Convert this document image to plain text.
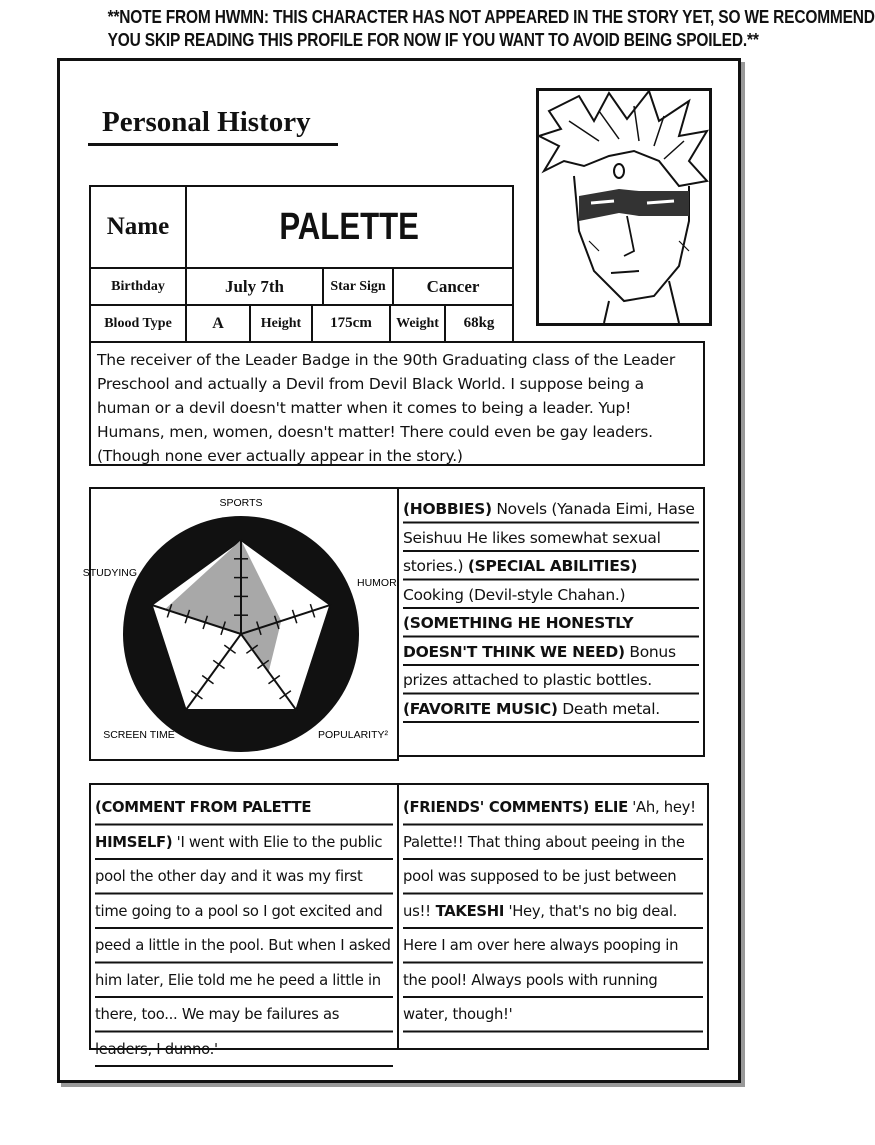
**NOTE FROM HWMN: THIS CHARACTER HAS NOT APPEARED IN THE STORY YET, SO WE RECOMMEND
YOU SKIP READING THIS PROFILE FOR NOW IF YOU WANT TO AVOID BEING SPOILED.**
Personal History
Name	PALETTE
Birthday	July 7th	Star Sign	Cancer
Blood Type	A	Height	175cm	Weight	68kg
The receiver of the Leader Badge in the 90th Graduating class of the Leader Preschool and actually a Devil from Devil Black World. I suppose being a human or a devil doesn't matter when it comes to being a leader. Yup! Humans, men, women, doesn't matter! There could even be gay leaders. (Though none ever actually appear in the story.)
SPORTS
HUMOR
POPULARITY²
SCREEN TIME
STUDYING
(HOBBIES) Novels (Yanada Eimi, Hase Seishuu He likes somewhat sexual stories.) (SPECIAL ABILITIES) Cooking (Devil-style Chahan.) (SOMETHING HE HONESTLY DOESN'T THINK WE NEED) Bonus prizes attached to plastic bottles. (FAVORITE MUSIC) Death metal.
(COMMENT FROM PALETTE HIMSELF) 'I went with Elie to the public pool the other day and it was my first time going to a pool so I got excited and peed a little in the pool. But when I asked him later, Elie told me he peed a little in there, too... We may be failures as leaders, I dunno.'
(FRIENDS' COMMENTS) ELIE 'Ah, hey! Palette!! That thing about peeing in the pool was supposed to be just between us!! TAKESHI 'Hey, that's no big deal. Here I am over here always pooping in the pool! Always pools with running water, though!'
